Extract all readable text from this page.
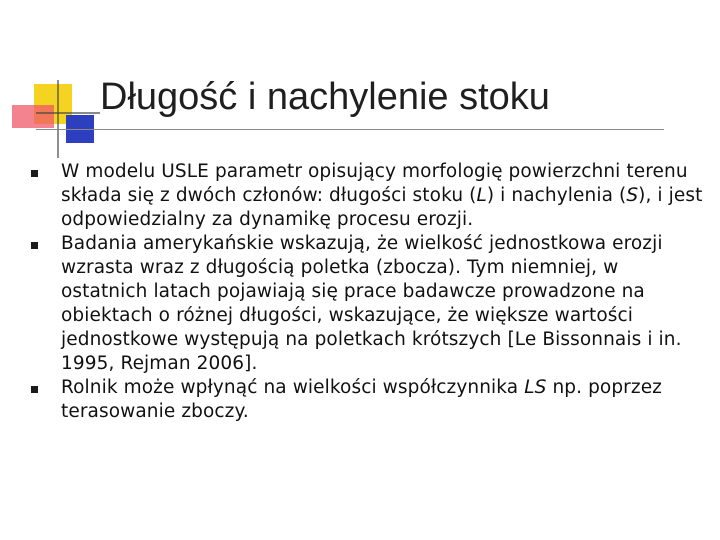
Długość i nachylenie stoku
W modelu USLE parametr opisujący morfologię powierzchni terenu składa się z dwóch członów: długości stoku (L) i nachylenia (S), i jest odpowiedzialny za dynamikę procesu erozji.
Badania amerykańskie wskazują, że wielkość jednostkowa erozji wzrasta wraz z długością poletka (zbocza). Tym niemniej, w ostatnich latach pojawiają się prace badawcze prowadzone na obiektach o różnej długości, wskazujące, że większe wartości jednostkowe występują na poletkach krótszych [Le Bissonnais i in. 1995, Rejman 2006].
Rolnik może wpłynąć na wielkości współczynnika LS np. poprzez terasowanie zboczy.
